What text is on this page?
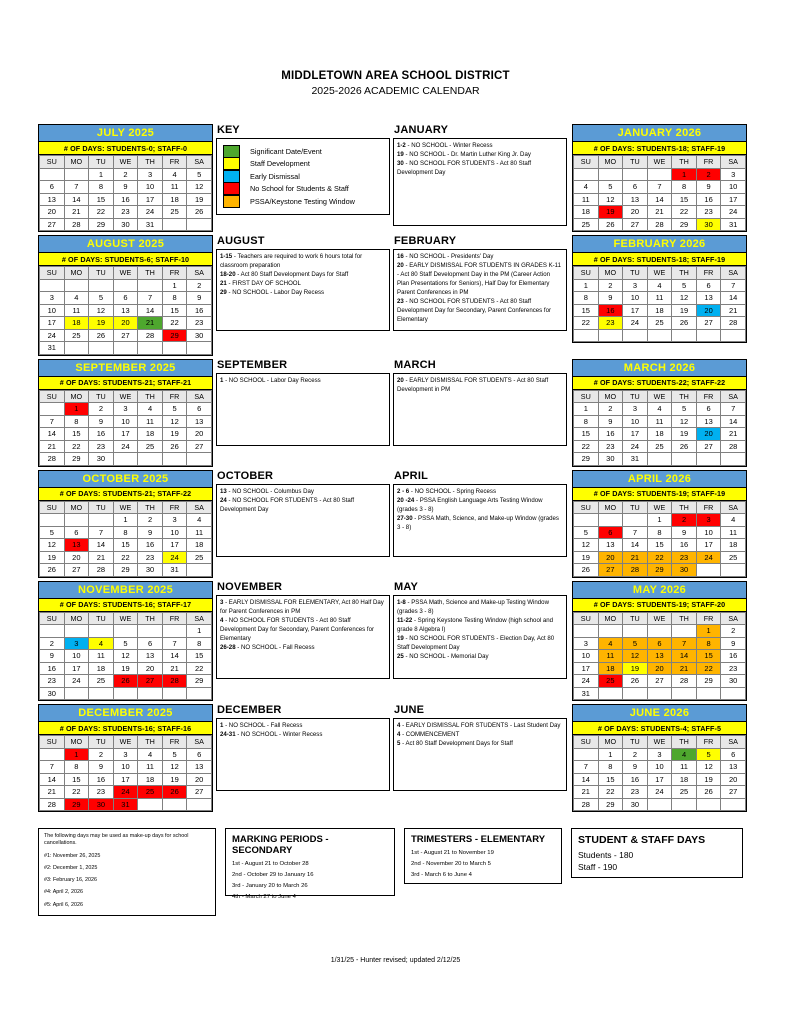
MIDDLETOWN AREA SCHOOL DISTRICT
2025-2026 ACADEMIC CALENDAR
JULY 2025
# OF DAYS: STUDENTS-0; STAFF-0
SU	MO	TU	WE	TH	FR	SA
		1	2	3	4	5
6	7	8	9	10	11	12
13	14	15	16	17	18	19
20	21	22	23	24	25	26
27	28	29	30	31		
KEY
Significant Date/Event
Staff Development
Early Dismissal
No School for Students & Staff
PSSA/Keystone Testing Window
JANUARY
1-2 - NO SCHOOL - Winter Recess
19 - NO SCHOOL - Dr. Martin Luther King Jr. Day
30 - NO SCHOOL FOR STUDENTS - Act 80 Staff Development Day
JANUARY 2026
# OF DAYS: STUDENTS-18; STAFF-19
SU	MO	TU	WE	TH	FR	SA
				1	2	3
4	5	6	7	8	9	10
11	12	13	14	15	16	17
18	19	20	21	22	23	24
25	26	27	28	29	30	31
AUGUST 2025
# OF DAYS: STUDENTS-6; STAFF-10
SU	MO	TU	WE	TH	FR	SA
					1	2
3	4	5	6	7	8	9
10	11	12	13	14	15	16
17	18	19	20	21	22	23
24	25	26	27	28	29	30
31						
AUGUST
1-15 - Teachers are required to work 6 hours total for classroom preparation
18-20 - Act 80 Staff Development Days for Staff
21 - FIRST DAY OF SCHOOL
29 - NO SCHOOL - Labor Day Recess
FEBRUARY
16 - NO SCHOOL - Presidents' Day
20 - EARLY DISMISSAL FOR STUDENTS IN GRADES K-11 - Act 80 Staff Development Day in the PM (Career Action Plan Presentations for Seniors), Half Day for Elementary Parent Conferences in PM
23 - NO SCHOOL FOR STUDENTS - Act 80 Staff Development Day for Secondary, Parent Conferences for Elementary
FEBRUARY 2026
# OF DAYS: STUDENTS-18; STAFF-19
SU	MO	TU	WE	TH	FR	SA
1	2	3	4	5	6	7
8	9	10	11	12	13	14
15	16	17	18	19	20	21
22	23	24	25	26	27	28

SEPTEMBER 2025
# OF DAYS: STUDENTS-21; STAFF-21
SU	MO	TU	WE	TH	FR	SA
	1	2	3	4	5	6
7	8	9	10	11	12	13
14	15	16	17	18	19	20
21	22	23	24	25	26	27
28	29	30				
SEPTEMBER
1 - NO SCHOOL - Labor Day Recess
MARCH
20 - EARLY DISMISSAL FOR STUDENTS - Act 80 Staff Development in PM
MARCH 2026
# OF DAYS: STUDENTS-22; STAFF-22
SU	MO	TU	WE	TH	FR	SA
1	2	3	4	5	6	7
8	9	10	11	12	13	14
15	16	17	18	19	20	21
22	23	24	25	26	27	28
29	30	31				
OCTOBER 2025
# OF DAYS: STUDENTS-21; STAFF-22
SU	MO	TU	WE	TH	FR	SA
			1	2	3	4
5	6	7	8	9	10	11
12	13	14	15	16	17	18
19	20	21	22	23	24	25
26	27	28	29	30	31	
OCTOBER
13 - NO SCHOOL - Columbus Day
24 - NO SCHOOL FOR STUDENTS - Act 80 Staff Development Day
APRIL
2 - 6 - NO SCHOOL - Spring Recess
20 -24 - PSSA English Language Arts Testing Window (grades 3 - 8)
27-30 - PSSA Math, Science, and Make-up Window (grades 3 - 8)
APRIL 2026
# OF DAYS: STUDENTS-19; STAFF-19
SU	MO	TU	WE	TH	FR	SA
			1	2	3	4
5	6	7	8	9	10	11
12	13	14	15	16	17	18
19	20	21	22	23	24	25
26	27	28	29	30		
NOVEMBER 2025
# OF DAYS: STUDENTS-16; STAFF-17
SU	MO	TU	WE	TH	FR	SA
						1
2	3	4	5	6	7	8
9	10	11	12	13	14	15
16	17	18	19	20	21	22
23	24	25	26	27	28	29
30						
NOVEMBER
3 - EARLY DISMISSAL FOR ELEMENTARY, Act 80 Half Day for Parent Conferences in PM
4 - NO SCHOOL FOR STUDENTS - Act 80 Staff Development Day for Secondary, Parent Conferences for Elementary
26-28 - NO SCHOOL - Fall Recess
MAY
1-8 - PSSA Math, Science and Make-up Testing Window (grades 3 - 8)
11-22 - Spring Keystone Testing Window (high school and grade 8 Algebra I)
19 - NO SCHOOL FOR STUDENTS - Election Day, Act 80 Staff Development Day
25 - NO SCHOOL - Memorial Day
MAY 2026
# OF DAYS: STUDENTS-19; STAFF-20
SU	MO	TU	WE	TH	FR	SA
					1	2
3	4	5	6	7	8	9
10	11	12	13	14	15	16
17	18	19	20	21	22	23
24	25	26	27	28	29	30
31						
DECEMBER 2025
# OF DAYS: STUDENTS-16; STAFF-16
SU	MO	TU	WE	TH	FR	SA
	1	2	3	4	5	6
7	8	9	10	11	12	13
14	15	16	17	18	19	20
21	22	23	24	25	26	27
28	29	30	31			
DECEMBER
1 - NO SCHOOL - Fall Recess
24-31 - NO SCHOOL - Winter Recess
JUNE
4 - EARLY DISMISSAL FOR STUDENTS - Last Student Day
4 - COMMENCEMENT
5 - Act 80 Staff Development Days for Staff
JUNE 2026
# OF DAYS: STUDENTS-4; STAFF-5
SU	MO	TU	WE	TH	FR	SA
	1	2	3	4	5	6
7	8	9	10	11	12	13
14	15	16	17	18	19	20
21	22	23	24	25	26	27
28	29	30				
The following days may be used as make-up days for school cancellations.
#1: November 26, 2025
#2: December 1, 2025
#3: February 16, 2026
#4: April 2, 2026
#5: April 6, 2026
MARKING PERIODS - SECONDARY
1st - August 21 to October 28
2nd - October 29 to January 16
3rd - January 20 to March 26
4th - March 27 to June 4
TRIMESTERS - ELEMENTARY
1st - August 21 to November 19
2nd - November 20 to March 5
3rd - March 6 to June 4
STUDENT & STAFF DAYS
Students - 180
Staff - 190
1/31/25 - Hunter revised; updated 2/12/25
